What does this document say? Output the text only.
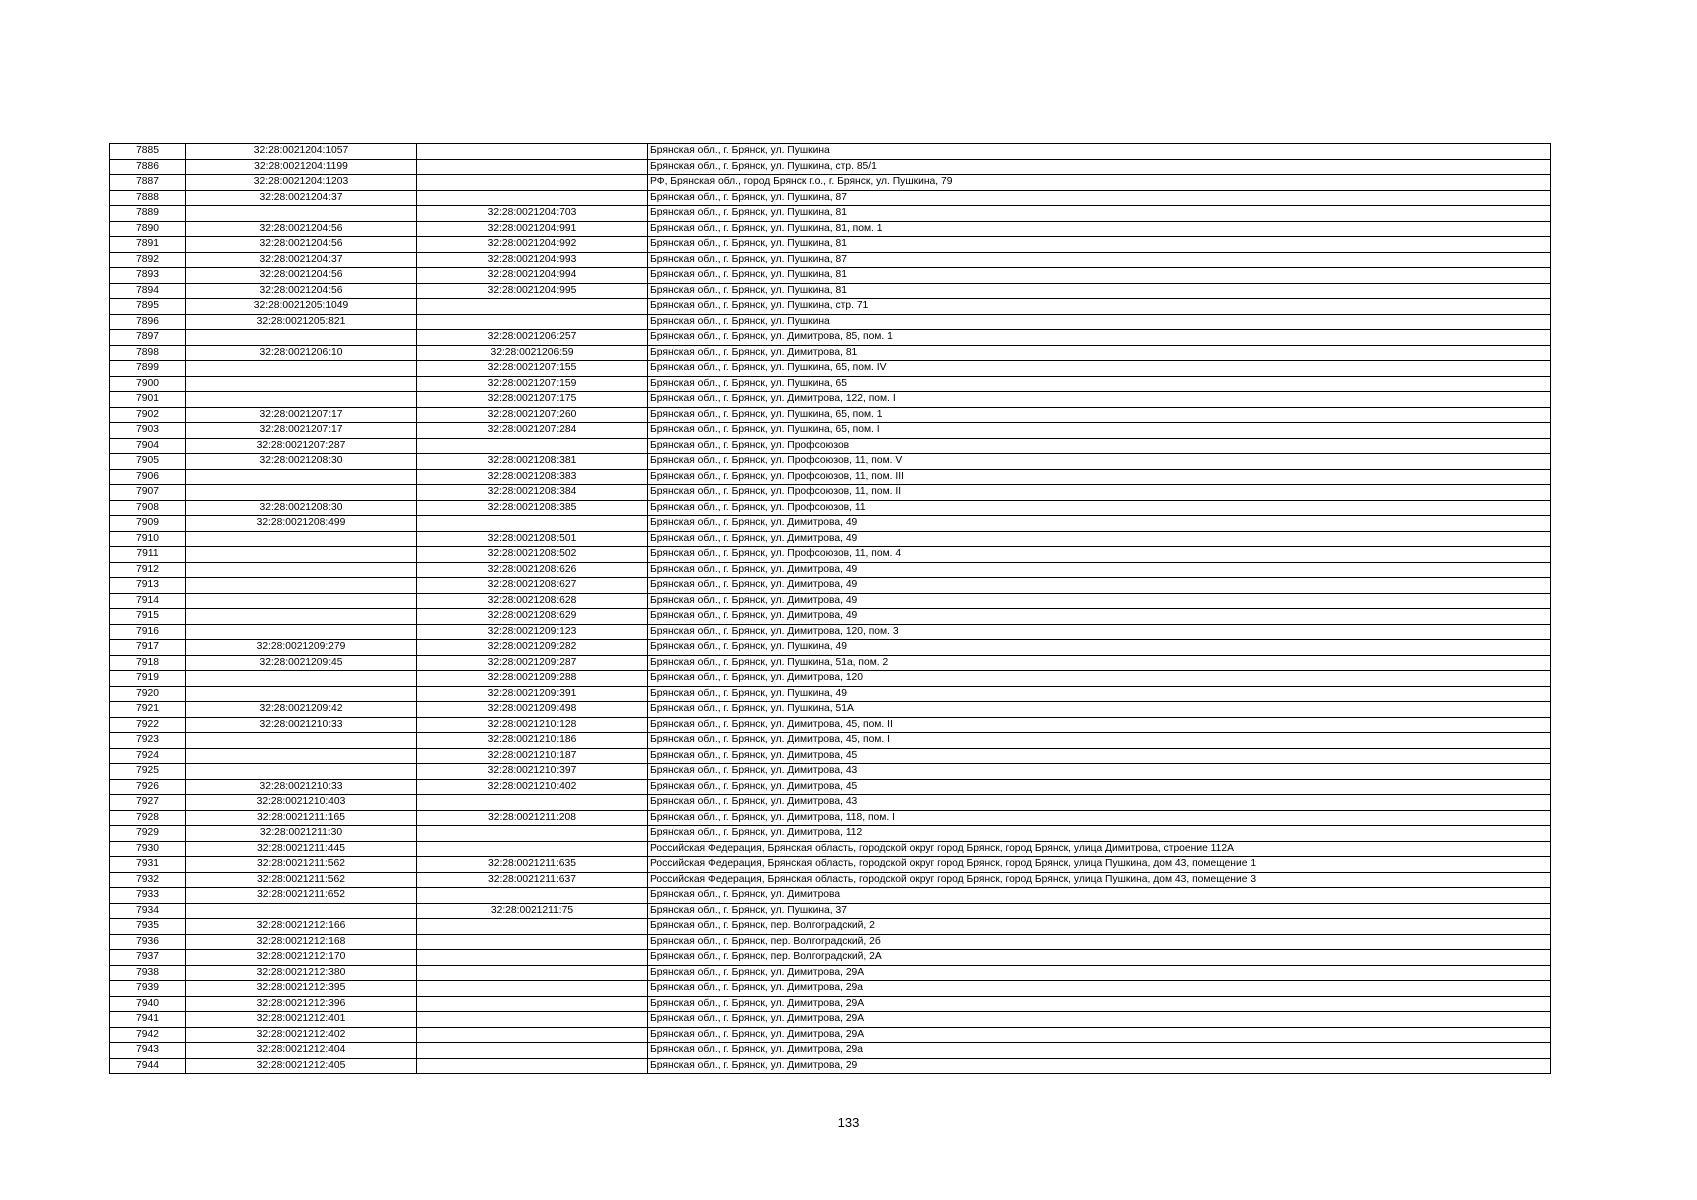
7885	32:28:0021204:1057		Брянская обл., г. Брянск, ул. Пушкина
7886	32:28:0021204:1199		Брянская обл., г. Брянск, ул. Пушкина, стр. 85/1
7887	32:28:0021204:1203		РФ, Брянская обл., город Брянск г.о., г. Брянск, ул. Пушкина, 79
7888	32:28:0021204:37		Брянская обл., г. Брянск, ул. Пушкина, 87
7889		32:28:0021204:703	Брянская обл., г. Брянск, ул. Пушкина, 81
7890	32:28:0021204:56	32:28:0021204:991	Брянская обл., г. Брянск, ул. Пушкина, 81, пом. 1
7891	32:28:0021204:56	32:28:0021204:992	Брянская обл., г. Брянск, ул. Пушкина, 81
7892	32:28:0021204:37	32:28:0021204:993	Брянская обл., г. Брянск, ул. Пушкина, 87
7893	32:28:0021204:56	32:28:0021204:994	Брянская обл., г. Брянск, ул. Пушкина, 81
7894	32:28:0021204:56	32:28:0021204:995	Брянская обл., г. Брянск, ул. Пушкина, 81
7895	32:28:0021205:1049		Брянская обл., г. Брянск, ул. Пушкина, стр. 71
7896	32:28:0021205:821		Брянская обл., г. Брянск, ул. Пушкина
7897		32:28:0021206:257	Брянская обл., г. Брянск, ул. Димитрова, 85, пом. 1
7898	32:28:0021206:10	32:28:0021206:59	Брянская обл., г. Брянск, ул. Димитрова, 81
7899		32:28:0021207:155	Брянская обл., г. Брянск, ул. Пушкина, 65, пом. IV
7900		32:28:0021207:159	Брянская обл., г. Брянск, ул. Пушкина, 65
7901		32:28:0021207:175	Брянская обл., г. Брянск, ул. Димитрова, 122, пом. I
7902	32:28:0021207:17	32:28:0021207:260	Брянская обл., г. Брянск, ул. Пушкина, 65, пом. 1
7903	32:28:0021207:17	32:28:0021207:284	Брянская обл., г. Брянск, ул. Пушкина, 65, пом. I
7904	32:28:0021207:287		Брянская обл., г. Брянск, ул. Профсоюзов
7905	32:28:0021208:30	32:28:0021208:381	Брянская обл., г. Брянск, ул. Профсоюзов, 11, пом. V
7906		32:28:0021208:383	Брянская обл., г. Брянск, ул. Профсоюзов, 11, пом. III
7907		32:28:0021208:384	Брянская обл., г. Брянск, ул. Профсоюзов, 11, пом. II
7908	32:28:0021208:30	32:28:0021208:385	Брянская обл., г. Брянск, ул. Профсоюзов, 11
7909	32:28:0021208:499		Брянская обл., г. Брянск, ул. Димитрова, 49
7910		32:28:0021208:501	Брянская обл., г. Брянск, ул. Димитрова, 49
7911		32:28:0021208:502	Брянская обл., г. Брянск, ул. Профсоюзов, 11, пом. 4
7912		32:28:0021208:626	Брянская обл., г. Брянск, ул. Димитрова, 49
7913		32:28:0021208:627	Брянская обл., г. Брянск, ул. Димитрова, 49
7914		32:28:0021208:628	Брянская обл., г. Брянск, ул. Димитрова, 49
7915		32:28:0021208:629	Брянская обл., г. Брянск, ул. Димитрова, 49
7916		32:28:0021209:123	Брянская обл., г. Брянск, ул. Димитрова, 120, пом. 3
7917	32:28:0021209:279	32:28:0021209:282	Брянская обл., г. Брянск, ул. Пушкина, 49
7918	32:28:0021209:45	32:28:0021209:287	Брянская обл., г. Брянск, ул. Пушкина, 51а, пом. 2
7919		32:28:0021209:288	Брянская обл., г. Брянск, ул. Димитрова, 120
7920		32:28:0021209:391	Брянская обл., г. Брянск, ул. Пушкина, 49
7921	32:28:0021209:42	32:28:0021209:498	Брянская обл., г. Брянск, ул. Пушкина, 51А
7922	32:28:0021210:33	32:28:0021210:128	Брянская обл., г. Брянск, ул. Димитрова, 45, пом. II
7923		32:28:0021210:186	Брянская обл., г. Брянск, ул. Димитрова, 45, пом. I
7924		32:28:0021210:187	Брянская обл., г. Брянск, ул. Димитрова, 45
7925		32:28:0021210:397	Брянская обл., г. Брянск, ул. Димитрова, 43
7926	32:28:0021210:33	32:28:0021210:402	Брянская обл., г. Брянск, ул. Димитрова, 45
7927	32:28:0021210:403		Брянская обл., г. Брянск, ул. Димитрова, 43
7928	32:28:0021211:165	32:28:0021211:208	Брянская обл., г. Брянск, ул. Димитрова, 118, пом. I
7929	32:28:0021211:30		Брянская обл., г. Брянск, ул. Димитрова, 112
7930	32:28:0021211:445		Российская Федерация, Брянская область, городской округ город Брянск, город Брянск, улица Димитрова, строение 112А
7931	32:28:0021211:562	32:28:0021211:635	Российская Федерация, Брянская область, городской округ город Брянск, город Брянск, улица Пушкина, дом 43, помещение 1
7932	32:28:0021211:562	32:28:0021211:637	Российская Федерация, Брянская область, городской округ город Брянск, город Брянск, улица Пушкина, дом 43, помещение 3
7933	32:28:0021211:652		Брянская обл., г. Брянск, ул. Димитрова
7934		32:28:0021211:75	Брянская обл., г. Брянск, ул. Пушкина, 37
7935	32:28:0021212:166		Брянская обл., г. Брянск, пер. Волгоградский, 2
7936	32:28:0021212:168		Брянская обл., г. Брянск, пер. Волгоградский, 2б
7937	32:28:0021212:170		Брянская обл., г. Брянск, пер. Волгоградский, 2А
7938	32:28:0021212:380		Брянская обл., г. Брянск, ул. Димитрова, 29А
7939	32:28:0021212:395		Брянская обл., г. Брянск, ул. Димитрова, 29а
7940	32:28:0021212:396		Брянская обл., г. Брянск, ул. Димитрова, 29А
7941	32:28:0021212:401		Брянская обл., г. Брянск, ул. Димитрова, 29А
7942	32:28:0021212:402		Брянская обл., г. Брянск, ул. Димитрова, 29А
7943	32:28:0021212:404		Брянская обл., г. Брянск, ул. Димитрова, 29а
7944	32:28:0021212:405		Брянская обл., г. Брянск, ул. Димитрова, 29
133
